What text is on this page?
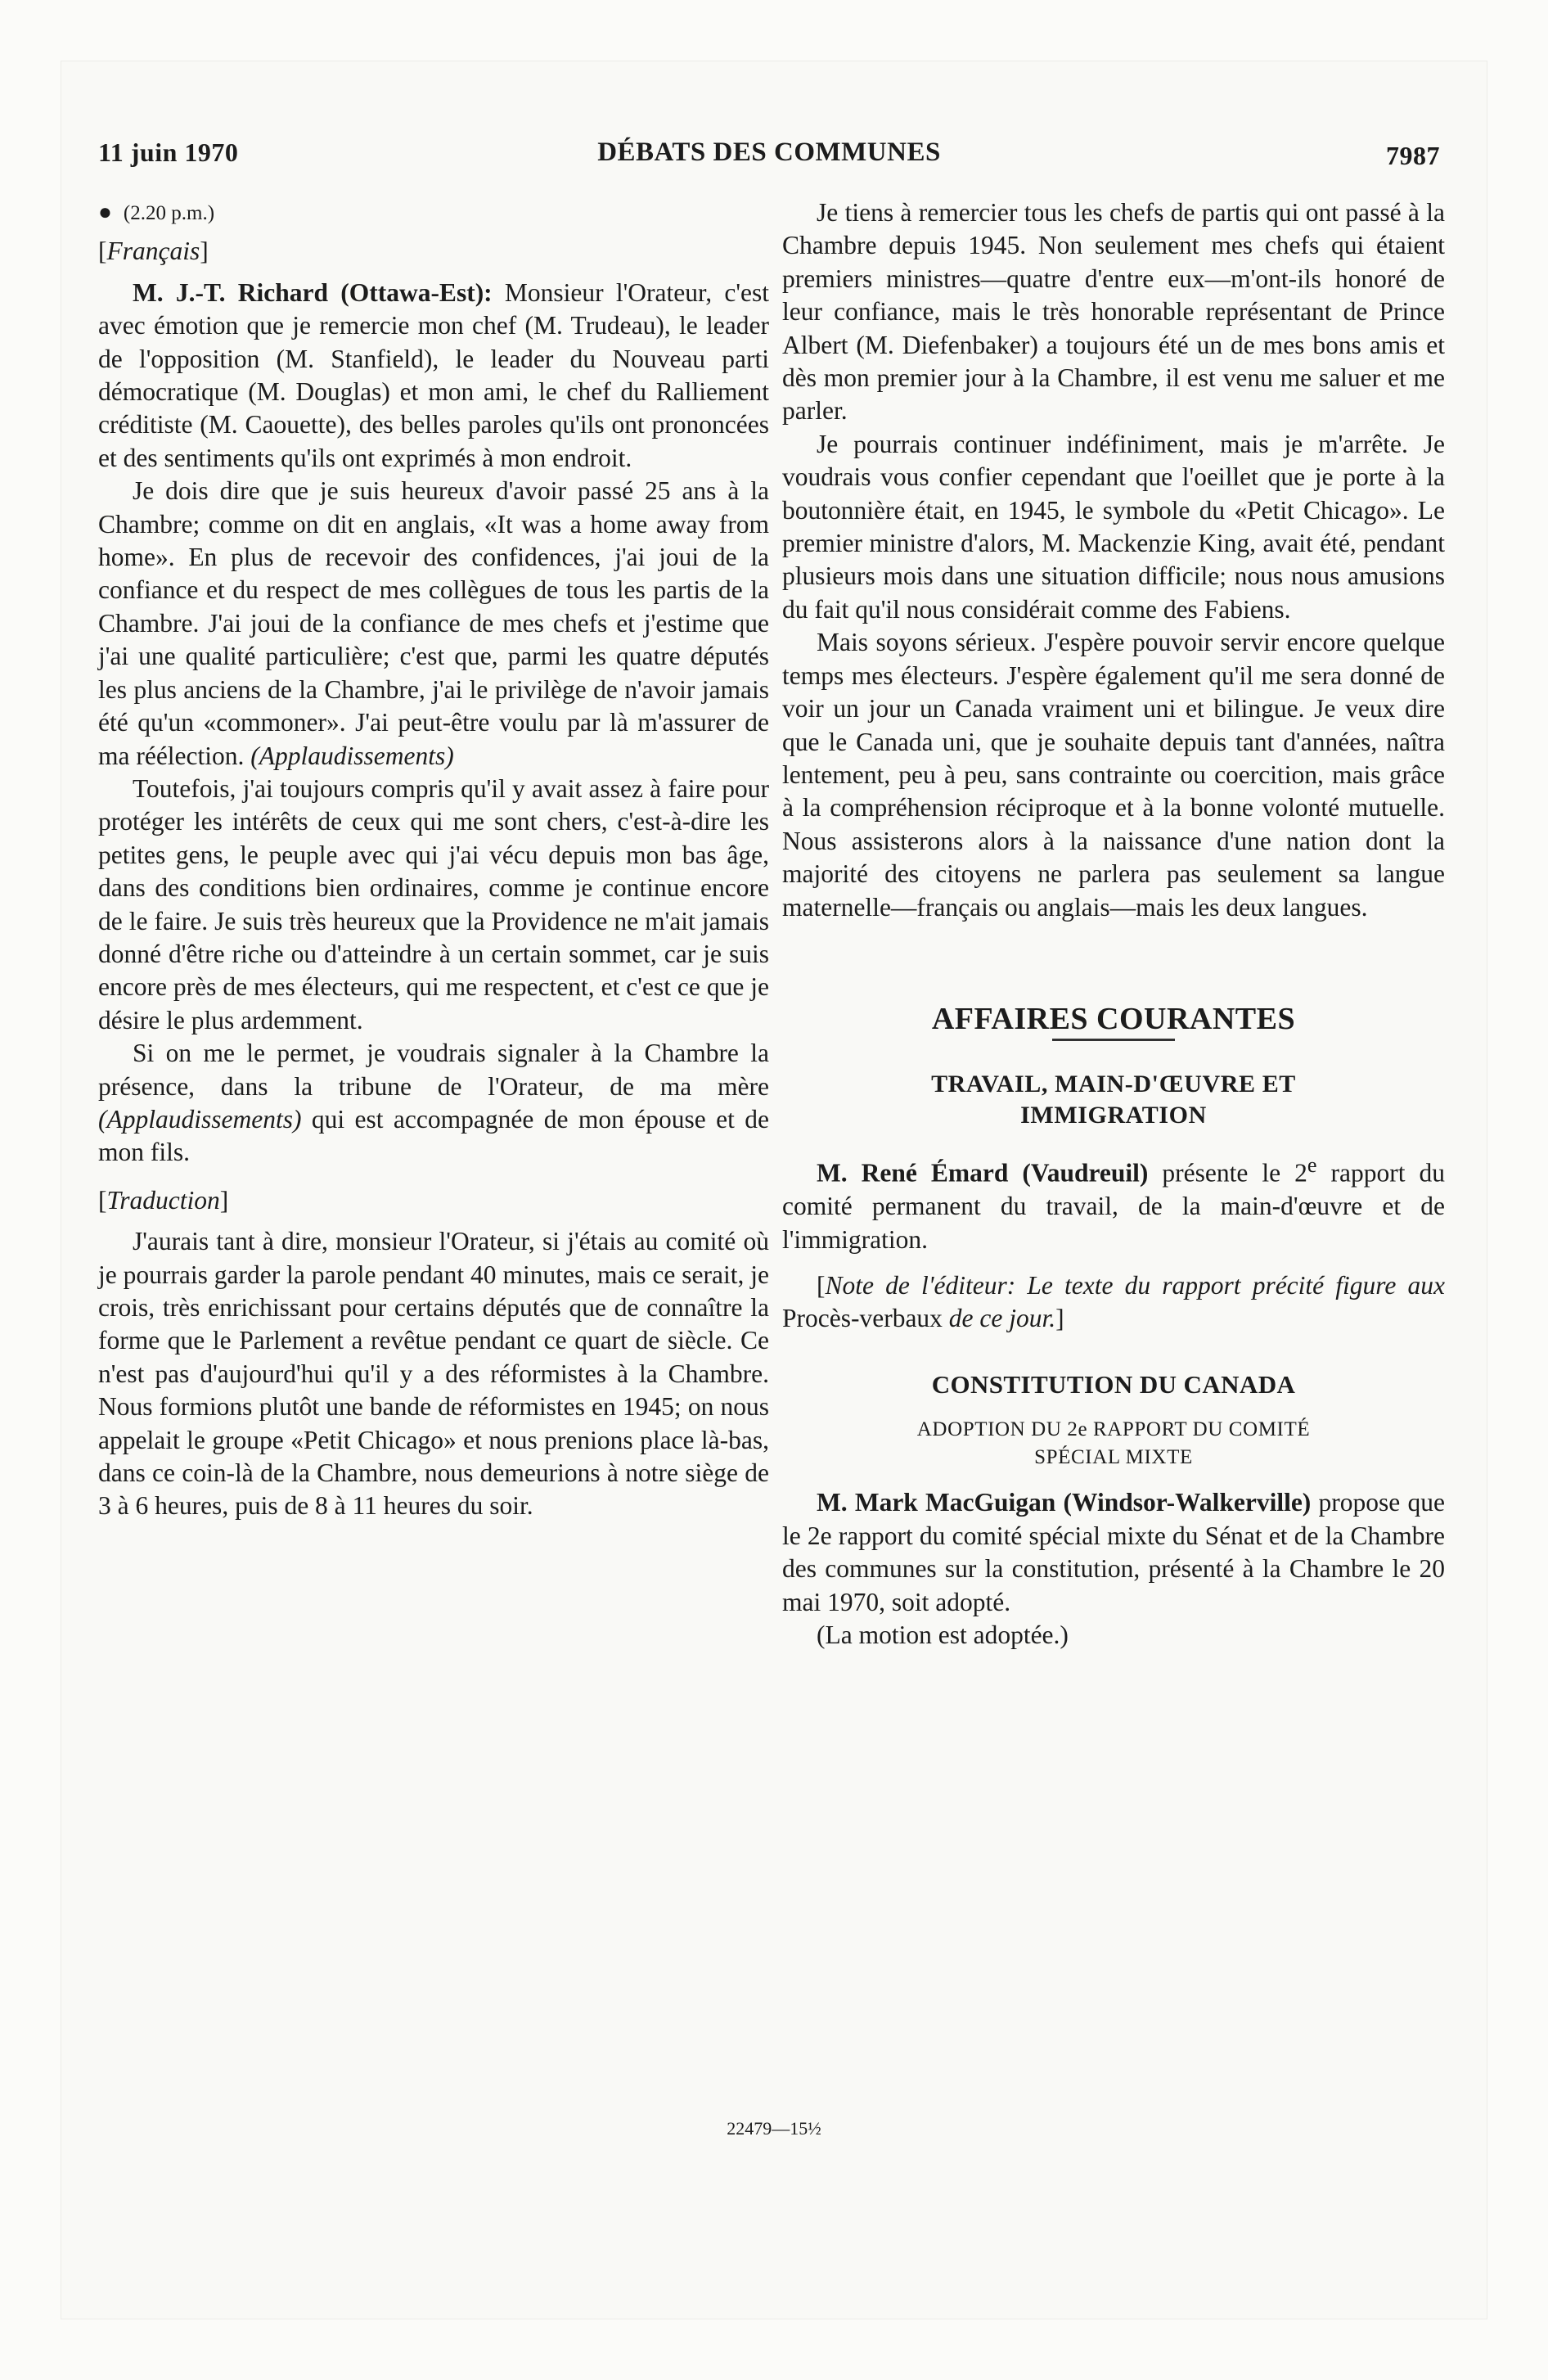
11 juin 1970	DÉBATS DES COMMUNES	7987
● (2.20 p.m.)
[Français]

M. J.-T. Richard (Ottawa-Est): Monsieur l'Orateur, c'est avec émotion que je remercie mon chef (M. Trudeau), le leader de l'opposition (M. Stanfield), le leader du Nouveau parti démocratique (M. Douglas) et mon ami, le chef du Ralliement créditiste (M. Caouette), des belles paroles qu'ils ont prononcées et des sentiments qu'ils ont exprimés à mon endroit.

Je dois dire que je suis heureux d'avoir passé 25 ans à la Chambre; comme on dit en anglais, «It was a home away from home». En plus de recevoir des confidences, j'ai joui de la confiance et du respect de mes collègues de tous les partis de la Chambre. J'ai joui de la confiance de mes chefs et j'estime que j'ai une qualité particulière; c'est que, parmi les quatre députés les plus anciens de la Chambre, j'ai le privilège de n'avoir jamais été qu'un «commoner». J'ai peut-être voulu par là m'assurer de ma réélection. (Applaudissements)

Toutefois, j'ai toujours compris qu'il y avait assez à faire pour protéger les intérêts de ceux qui me sont chers, c'est-à-dire les petites gens, le peuple avec qui j'ai vécu depuis mon bas âge, dans des conditions bien ordinaires, comme je continue encore de le faire. Je suis très heureux que la Providence ne m'ait jamais donné d'être riche ou d'atteindre à un certain sommet, car je suis encore près de mes électeurs, qui me respectent, et c'est ce que je désire le plus ardemment.

Si on me le permet, je voudrais signaler à la Chambre la présence, dans la tribune de l'Orateur, de ma mère (Applaudissements) qui est accompagnée de mon épouse et de mon fils.

[Traduction]

J'aurais tant à dire, monsieur l'Orateur, si j'étais au comité où je pourrais garder la parole pendant 40 minutes, mais ce serait, je crois, très enrichissant pour certains députés que de connaître la forme que le Parlement a revêtue pendant ce quart de siècle. Ce n'est pas d'aujourd'hui qu'il y a des réformistes à la Chambre. Nous formions plutôt une bande de réformistes en 1945; on nous appelait le groupe «Petit Chicago» et nous prenions place là-bas, dans ce coin-là de la Chambre, nous demeurions à notre siège de 3 à 6 heures, puis de 8 à 11 heures du soir.

Je tiens à remercier tous les chefs de partis qui ont passé à la Chambre depuis 1945. Non seulement mes chefs qui étaient premiers ministres—quatre d'entre eux—m'ont-ils honoré de leur confiance, mais le très honorable représentant de Prince Albert (M. Diefenbaker) a toujours été un de mes bons amis et dès mon premier jour à la Chambre, il est venu me saluer et me parler.

Je pourrais continuer indéfiniment, mais je m'arrête. Je voudrais vous confier cependant que l'oeillet que je porte à la boutonnière était, en 1945, le symbole du «Petit Chicago». Le premier ministre d'alors, M. Mackenzie King, avait été, pendant plusieurs mois dans une situation difficile; nous nous amusions du fait qu'il nous considérait comme des Fabiens.

Mais soyons sérieux. J'espère pouvoir servir encore quelque temps mes électeurs. J'espère également qu'il me sera donné de voir un jour un Canada vraiment uni et bilingue. Je veux dire que le Canada uni, que je souhaite depuis tant d'années, naîtra lentement, peu à peu, sans contrainte ou coercition, mais grâce à la compréhension réciproque et à la bonne volonté mutuelle. Nous assisterons alors à la naissance d'une nation dont la majorité des citoyens ne parlera pas seulement sa langue maternelle—français ou anglais—mais les deux langues.

AFFAIRES COURANTES
TRAVAIL, MAIN-D'ŒUVRE ET
IMMIGRATION

M. René Émard (Vaudreuil) présente le 2e rapport du comité permanent du travail, de la main-d'œuvre et de l'immigration.

[Note de l'éditeur: Le texte du rapport précité figure aux Procès-verbaux de ce jour.]

CONSTITUTION DU CANADA
ADOPTION DU 2e RAPPORT DU COMITÉ
SPÉCIAL MIXTE

M. Mark MacGuigan (Windsor-Walkerville) propose que le 2e rapport du comité spécial mixte du Sénat et de la Chambre des communes sur la constitution, présenté à la Chambre le 20 mai 1970, soit adopté.

(La motion est adoptée.)

22479—15½
